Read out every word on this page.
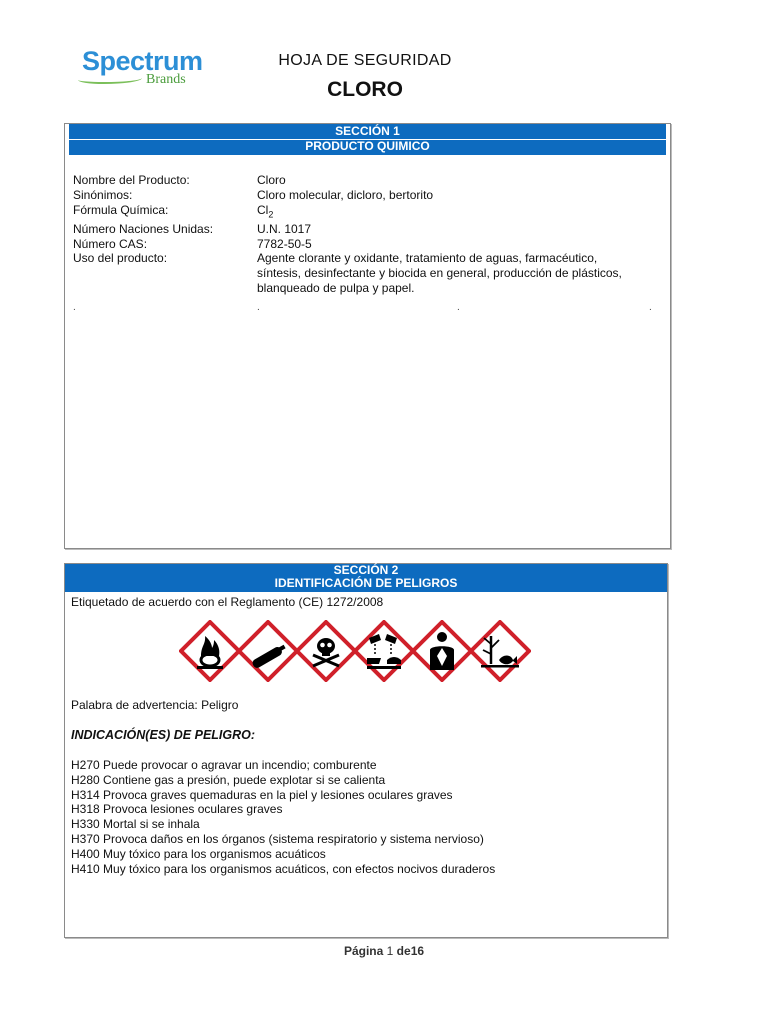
Spectrum
Brands
HOJA DE SEGURIDAD
CLORO
SECCIÓN 1
PRODUCTO QUIMICO
Nombre del Producto:	Cloro
Sinónimos:	Cloro molecular, dicloro, bertorito
Fórmula Química:	$Cl_2$
Número Naciones Unidas:	U.N. 1017
Número CAS:	7782-50-5
Uso del producto:	Agente clorante y oxidante, tratamiento de aguas, farmacéutico,
síntesis, desinfectante y biocida en general, producción de plásticos,
blanqueado de pulpa y papel.
.	.	.	.
SECCIÓN 2
IDENTIFICACIÓN DE PELIGROS
Etiquetado de acuerdo con el Reglamento (CE) 1272/2008
Palabra de advertencia: Peligro
INDICACIÓN(ES) DE PELIGRO:
H270 Puede provocar o agravar un incendio; comburente
H280 Contiene gas a presión, puede explotar si se calienta
H314 Provoca graves quemaduras en la piel y lesiones oculares graves
H318 Provoca lesiones oculares graves
H330 Mortal si se inhala
H370 Provoca daños en los órganos (sistema respiratorio y sistema nervioso)
H400 Muy tóxico para los organismos acuáticos
H410 Muy tóxico para los organismos acuáticos, con efectos nocivos duraderos
Página 1 de16
